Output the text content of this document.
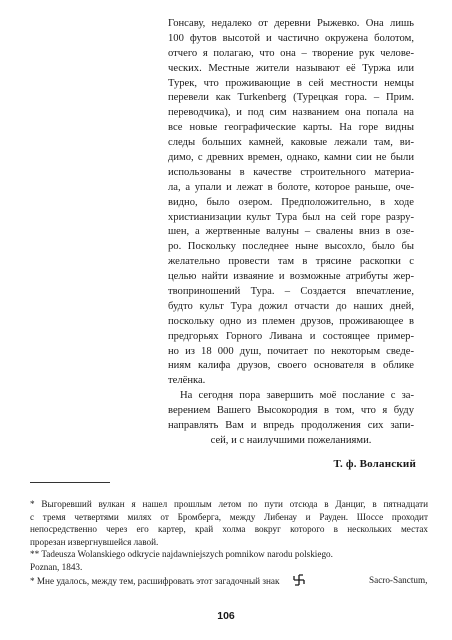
Гонсаву, недалеко от деревни Рыжевко. Она лишь
100 футов высотой и частично окружена болотом,
отчего я полагаю, что она – творение рук челове-
ческих. Местные жители называют её Туржа или
Турек, что проживающие в сей местности немцы
перевели как Turkenberg (Турецкая гора. – Прим.
переводчика), и под сим названием она попала на
все новые географические карты. На горе видны
следы больших камней, каковые лежали там, ви-
димо, с древних времен, однако, камни сии не были
использованы в качестве строительного материа-
ла, а упали и лежат в болоте, которое раньше, оче-
видно, было озером. Предположительно, в ходе
христианизации культ Тура был на сей горе разру-
шен, а жертвенные валуны – свалены вниз в озе-
ро. Поскольку последнее ныне высохло, было бы
желательно провести там в трясине раскопки с
целью найти изваяние и возможные атрибуты жер-
твоприношений Тура. – Создается впечатление,
будто культ Тура дожил отчасти до наших дней,
поскольку одно из племен друзов, проживающее в
предгорьях Горного Ливана и состоящее пример-
но из 18 000 душ, почитает по некоторым сведе-
ниям калифа друзов, своего основателя в облике
телёнка.
На сегодня пора завершить моё послание с за-
верением Вашего Высокородия в том, что я буду
направлять Вам и впредь продолжения сих запи-
сей, и с наилучшими пожеланиями.
Т. ф. Воланский
* Выгоревший вулкан я нашел прошлым летом по пути отсюда в Данциг, в пятнадцати
с тремя четвертями милях от Бромберга, между Либенау и Рауден. Шоссе проходит
непосредственно через его картер, край холма вокруг которого в нескольких местах
прорезан извергнувшейся лавой.
** Tadeusza Wolanskiego odkrycie najdawniejszych pomnikow narodu polskiego.
Poznan, 1843.
* Мне удалось, между тем, расшифровать этот загадочный знак	Sacro-Sanctum,
106
